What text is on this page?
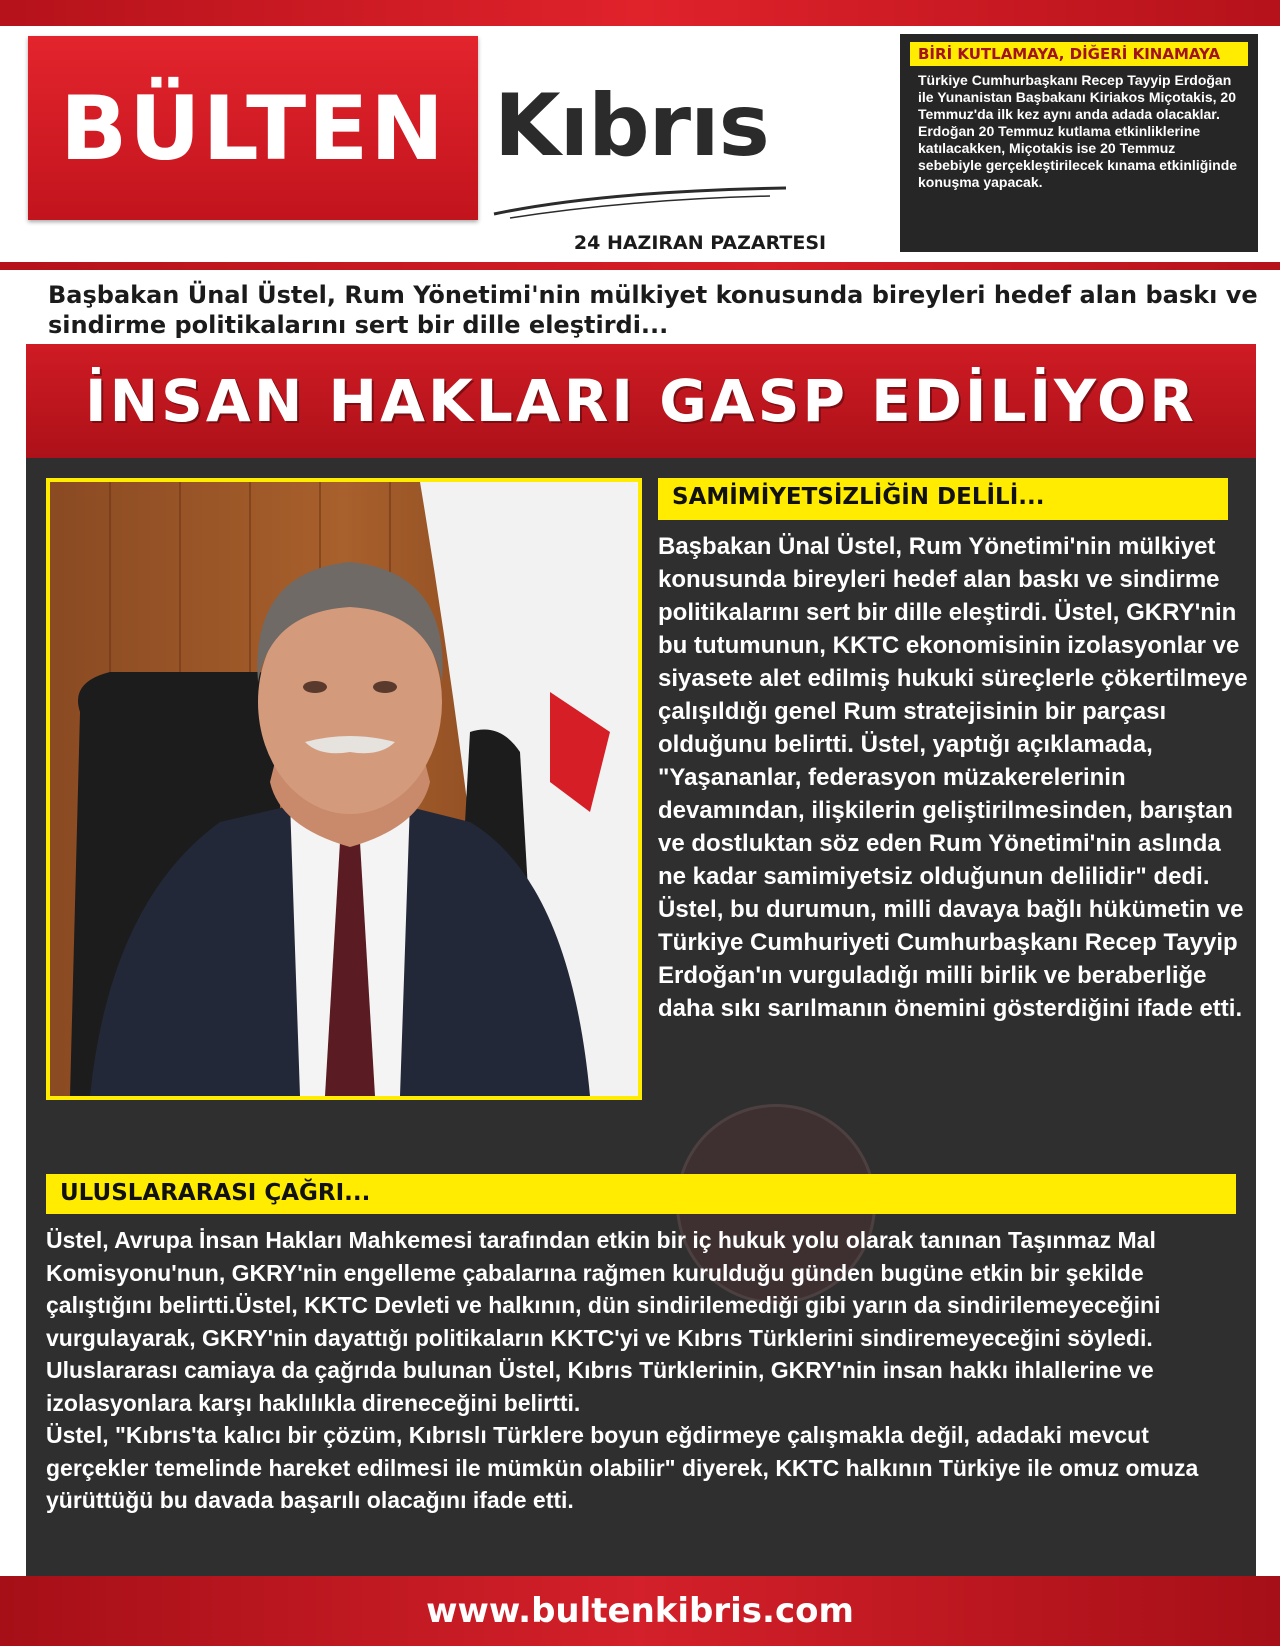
BÜLTEN Kıbrıs
24 HAZIRAN PAZARTESI
BİRİ KUTLAMAYA, DİĞERİ KINAMAYA
Türkiye Cumhurbaşkanı Recep Tayyip Erdoğan ile Yunanistan Başbakanı Kiriakos Miçotakis, 20 Temmuz'da ilk kez aynı anda adada olacaklar. Erdoğan 20 Temmuz kutlama etkinliklerine katılacakken, Miçotakis ise 20 Temmuz sebebiyle gerçekleştirilecek kınama etkinliğinde konuşma yapacak.
Başbakan Ünal Üstel, Rum Yönetimi'nin mülkiyet konusunda bireyleri hedef alan baskı ve sindirme politikalarını sert bir dille eleştirdi...
İNSAN HAKLARI GASP EDİLİYOR
SAMİMİYETSİZLİĞİN DELİLİ...
Başbakan Ünal Üstel, Rum Yönetimi'nin mülkiyet konusunda bireyleri hedef alan baskı ve sindirme politikalarını sert bir dille eleştirdi. Üstel, GKRY'nin bu tutumunun, KKTC ekonomisinin izolasyonlar ve siyasete alet edilmiş hukuki süreçlerle çökertilmeye çalışıldığı genel Rum stratejisinin bir parçası olduğunu belirtti. Üstel, yaptığı açıklamada, "Yaşananlar, federasyon müzakerelerinin devamından, ilişkilerin geliştirilmesinden, barıştan ve dostluktan söz eden Rum Yönetimi'nin aslında ne kadar samimiyetsiz olduğunun delilidir" dedi. Üstel, bu durumun, milli davaya bağlı hükümetin ve Türkiye Cumhuriyeti Cumhurbaşkanı Recep Tayyip Erdoğan'ın vurguladığı milli birlik ve beraberliğe daha sıkı sarılmanın önemini gösterdiğini ifade etti.
ULUSLARARASI ÇAĞRI...
Üstel, Avrupa İnsan Hakları Mahkemesi tarafından etkin bir iç hukuk yolu olarak tanınan Taşınmaz Mal Komisyonu'nun, GKRY'nin engelleme çabalarına rağmen kurulduğu günden bugüne etkin bir şekilde çalıştığını belirtti.Üstel, KKTC Devleti ve halkının, dün sindirilemediği gibi yarın da sindirilemeyeceğini vurgulayarak, GKRY'nin dayattığı politikaların KKTC'yi ve Kıbrıs Türklerini sindiremeyeceğini söyledi. Uluslararası camiaya da çağrıda bulunan Üstel, Kıbrıs Türklerinin, GKRY'nin insan hakkı ihlallerine ve izolasyonlara karşı haklılıkla direneceğini belirtti.
Üstel, "Kıbrıs'ta kalıcı bir çözüm, Kıbrıslı Türklere boyun eğdirmeye çalışmakla değil, adadaki mevcut gerçekler temelinde hareket edilmesi ile mümkün olabilir" diyerek, KKTC halkının Türkiye ile omuz omuza yürüttüğü bu davada başarılı olacağını ifade etti.
www.bultenkibris.com
